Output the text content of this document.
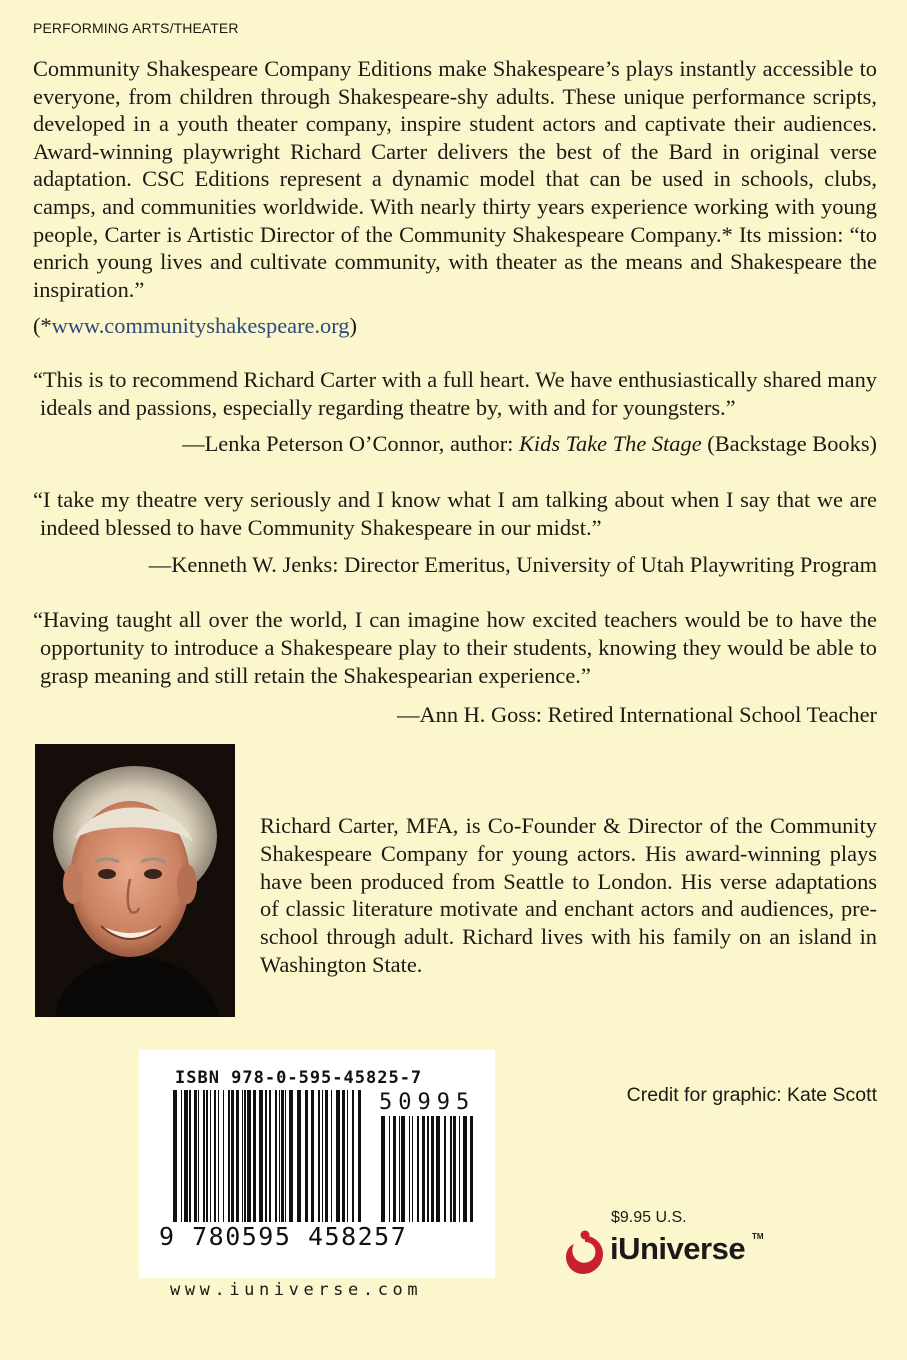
PERFORMING ARTS/THEATER
Community Shakespeare Company Editions make Shakespeare’s plays instantly accessible to everyone, from children through Shakespeare-shy adults. These unique performance scripts, developed in a youth theater company, inspire student actors and captivate their audiences. Award-winning playwright Richard Carter delivers the best of the Bard in original verse adaptation. CSC Editions represent a dynamic model that can be used in schools, clubs, camps, and communities worldwide. With nearly thirty years experience working with young people, Carter is Artistic Director of the Community Shakespeare Company.* Its mission: “to enrich young lives and cultivate community, with theater as the means and Shakespeare the inspiration.”
(*www.communityshakespeare.org)
“This is to recommend Richard Carter with a full heart. We have enthusiastically shared many ideals and passions, especially regarding theatre by, with and for youngsters.”
—Lenka Peterson O’Connor, author: Kids Take The Stage (Backstage Books)
“I take my theatre very seriously and I know what I am talking about when I say that we are indeed blessed to have Community Shakespeare in our midst.”
—Kenneth W. Jenks: Director Emeritus, University of Utah Playwriting Program
“Having taught all over the world, I can imagine how excited teachers would be to have the opportunity to introduce a Shakespeare play to their students, knowing they would be able to grasp meaning and still retain the Shakespearian experience.”
—Ann H. Goss: Retired International School Teacher
Richard Carter, MFA, is Co-Founder & Director of the Community Shakespeare Company for young actors. His award-winning plays have been produced from Seattle to London. His verse adaptations of classic literature motivate and enchant actors and audiences, pre-school through adult. Richard lives with his family on an island in Washington State.
ISBN 978-0-595-45825-7
50995
9 780595 458257
www.iuniverse.com
Credit for graphic: Kate Scott
$9.95 U.S.
iUniverse TM
